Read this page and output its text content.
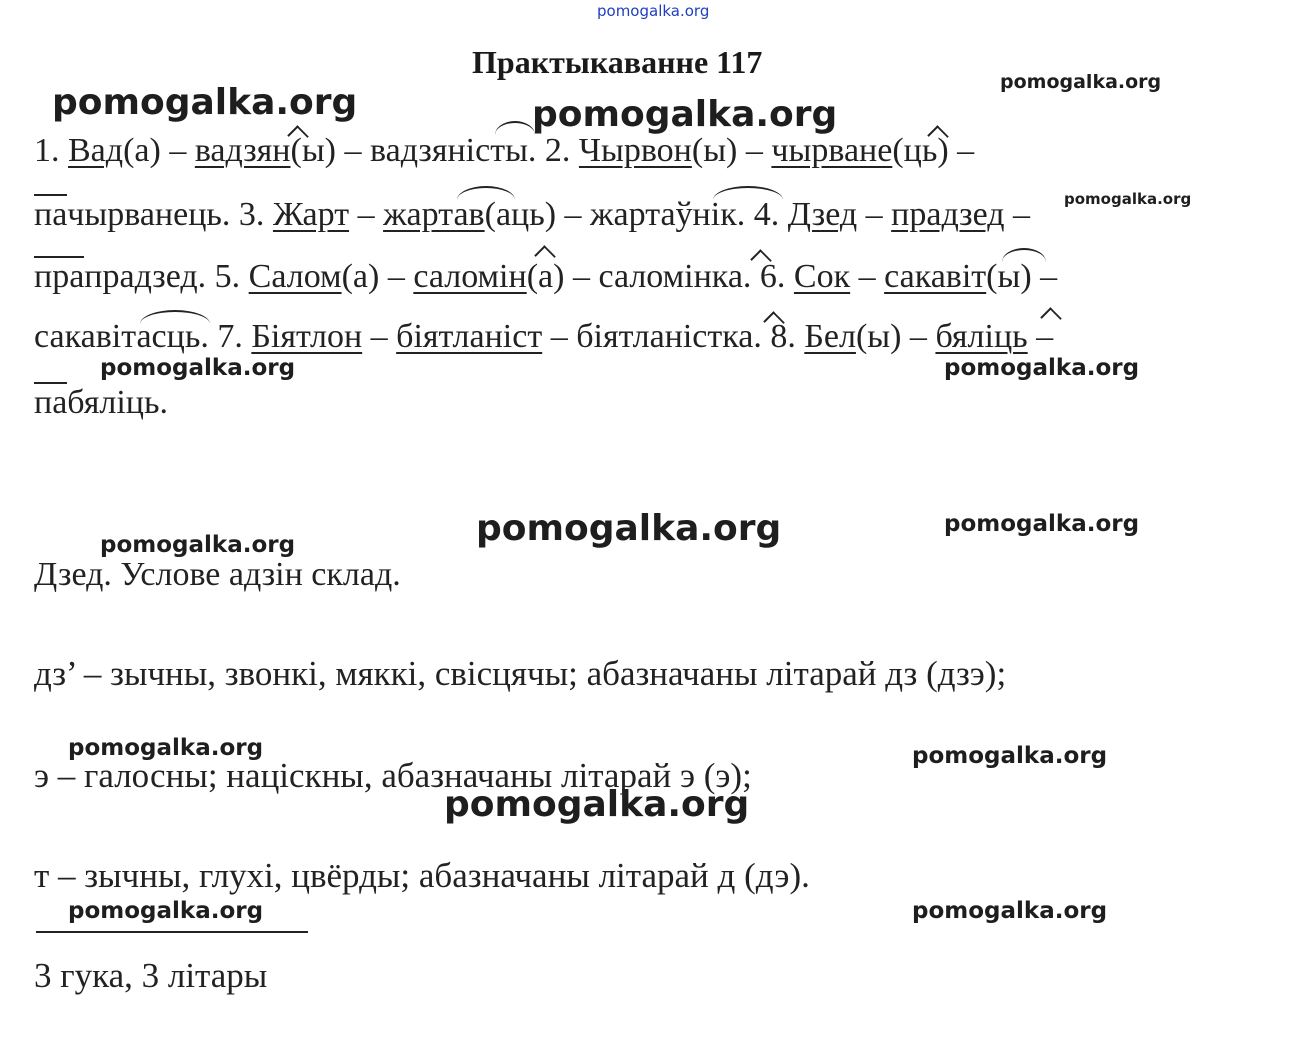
pomogalka.org
Практыкаванне 117
pomogalka.org	pomogalka.org
pomogalka.org
pomogalka.org
pomogalka.org	pomogalka.org
pomogalka.org	pomogalka.org
pomogalka.org
pomogalka.org	pomogalka.org
pomogalka.org
pomogalka.org	pomogalka.org
1. Вад(а) – вадзян(ы) – вадзяністы. 2. Чырвон(ы) – чырване(ць) –
пачырванець. 3. Жарт – жартав(аць) – жартаўнік. 4. Дзед – прадзед –
прапрадзед. 5. Салом(а) – саломін(а) – саломінка. 6. Сок – сакавіт(ы) –
сакавітасць. 7. Біятлон – біятланіст – біятланістка. 8. Бел(ы) – бяліць –
пабяліць.
Дзед. Услове адзін склад.
дз’ – зычны, звонкі, мяккі, свісцячы; абазначаны літарай дз (дзэ);
э – галосны; націскны, абазначаны літарай э (э);
т – зычны, глухі, цвёрды; абазначаны літарай д (дэ).
3 гука, 3 літары
